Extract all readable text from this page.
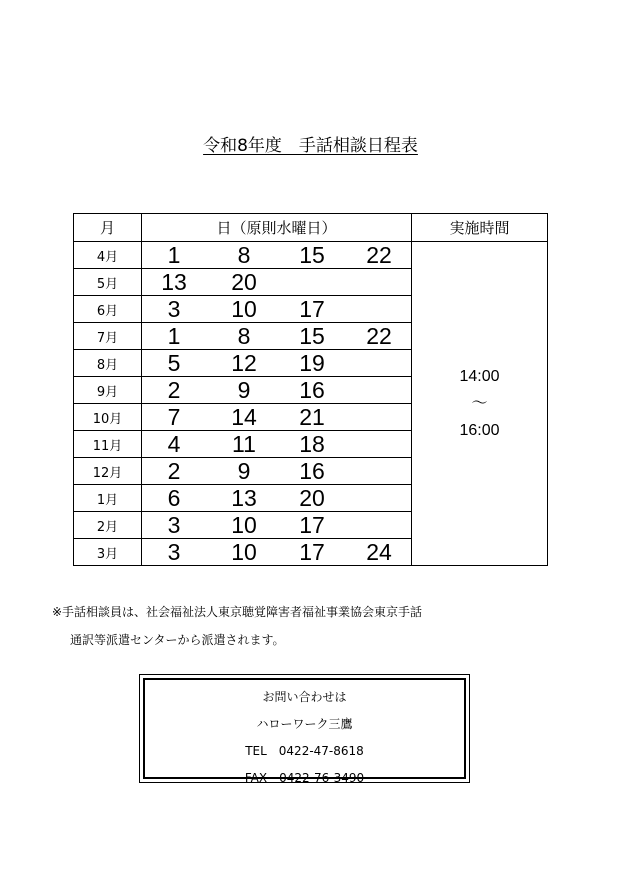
令和8年度　手話相談日程表
月	日（原則水曜日）	実施時間
4月	1 8 15 22	14:00
～
16:00

5月	13 20	

6月	3 10 17	

7月	1 8 15 22	

8月	5 12 19	

9月	2 9 16	

10月	7 14 21	

11月	4 11 18	

12月	2 9 16	

1月	6 13 20	

2月	3 10 17	

3月	3 10 17 24	
※手話相談員は、社会福祉法人東京聴覚障害者福祉事業協会東京手話
通訳等派遣センターから派遣されます。
お問い合わせは
ハローワーク三鷹
TEL　0422-47-8618
FAX　0422-76-3490
